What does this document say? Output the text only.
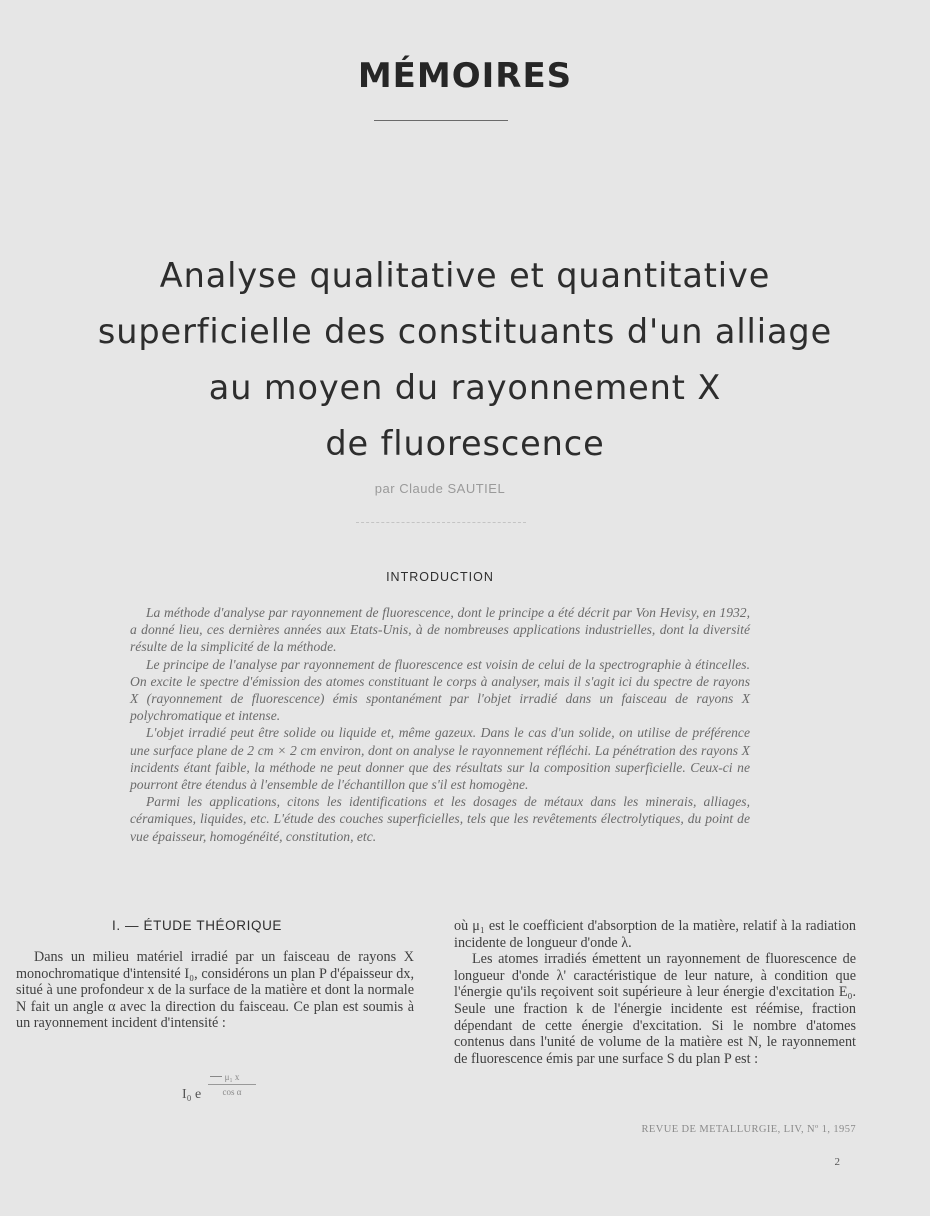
MÉMOIRES
Analyse qualitative et quantitative
superficielle des constituants d'un alliage
au moyen du rayonnement X
de fluorescence
par Claude SAUTIEL
INTRODUCTION

La méthode d'analyse par rayonnement de fluorescence, dont le principe a été décrit par Von Hevisy, en 1932, a donné lieu, ces dernières années aux Etats-Unis, à de nombreuses applications industrielles, dont la diversité résulte de la simplicité de la méthode.

Le principe de l'analyse par rayonnement de fluorescence est voisin de celui de la spectrographie à étincelles. On excite le spectre d'émission des atomes constituant le corps à analyser, mais il s'agit ici du spectre de rayons X (rayonnement de fluorescence) émis spontanément par l'objet irradié dans un faisceau de rayons X polychromatique et intense.

L'objet irradié peut être solide ou liquide et, même gazeux. Dans le cas d'un solide, on utilise de préférence une surface plane de 2 cm × 2 cm environ, dont on analyse le rayonnement réfléchi. La pénétration des rayons X incidents étant faible, la méthode ne peut donner que des résultats sur la composition superficielle. Ceux-ci ne pourront être étendus à l'ensemble de l'échantillon que s'il est homogène.

Parmi les applications, citons les identifications et les dosages de métaux dans les minerais, alliages, céramiques, liquides, etc. L'étude des couches superficielles, tels que les revêtements électrolytiques, du point de vue épaisseur, homogénéité, constitution, etc.

I. — ÉTUDE THÉORIQUE

Dans un milieu matériel irradié par un faisceau de rayons X monochromatique d'intensité I₀, considérons un plan P d'épaisseur dx, situé à une profondeur x de la surface de la matière et dont la normale N fait un angle α avec la direction du faisceau. Ce plan est soumis à un rayonnement incident d'intensité :

I₀ e
μ₁ x
cos α

où μ₁ est le coefficient d'absorption de la matière, relatif à la radiation incidente de longueur d'onde λ.

Les atomes irradiés émettent un rayonnement de fluorescence de longueur d'onde λ' caractéristique de leur nature, à condition que l'énergie qu'ils reçoivent soit supérieure à leur énergie d'excitation E₀. Seule une fraction k de l'énergie incidente est réémise, fraction dépendant de cette énergie d'excitation. Si le nombre d'atomes contenus dans l'unité de volume de la matière est N, le rayonnement de fluorescence émis par une surface S du plan P est :

REVUE DE METALLURGIE, LIV, Nº 1, 1957
2
